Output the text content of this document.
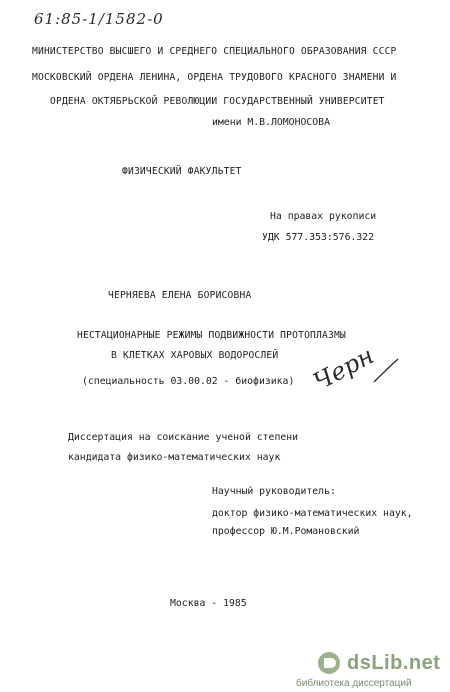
61:85-1/1582-0
МИНИСТЕРСТВО ВЫСШЕГО И СРЕДНЕГО СПЕЦИАЛЬНОГО ОБРАЗОВАНИЯ СССР
МОСКОВСКИЙ ОРДЕНА ЛЕНИНА, ОРДЕНА ТРУДОВОГО КРАСНОГО ЗНАМЕНИ И
ОРДЕНА ОКТЯБРЬСКОЙ РЕВОЛЮЦИИ ГОСУДАРСТВЕННЫЙ УНИВЕРСИТЕТ
имени М.В.ЛОМОНОСОВА
ФИЗИЧЕСКИЙ ФАКУЛЬТЕТ
На правах рукописи
УДК 577.353:576.322
ЧЕРНЯЕВА ЕЛЕНА БОРИСОВНА
НЕСТАЦИОНАРНЫЕ РЕЖИМЫ ПОДВИЖНОСТИ ПРОТОПЛАЗМЫ
В КЛЕТКАХ ХАРОВЫХ ВОДОРОСЛЕЙ
(специальность 03.00.02 - биофизика) Черн
Диссертация на соискание ученой степени
кандидата физико-математических наук
Научный руководитель:
доктор физико-математических наук,
профессор Ю.М.Романовский
Москва - 1985
dsLib.net
библиотека диссертаций
